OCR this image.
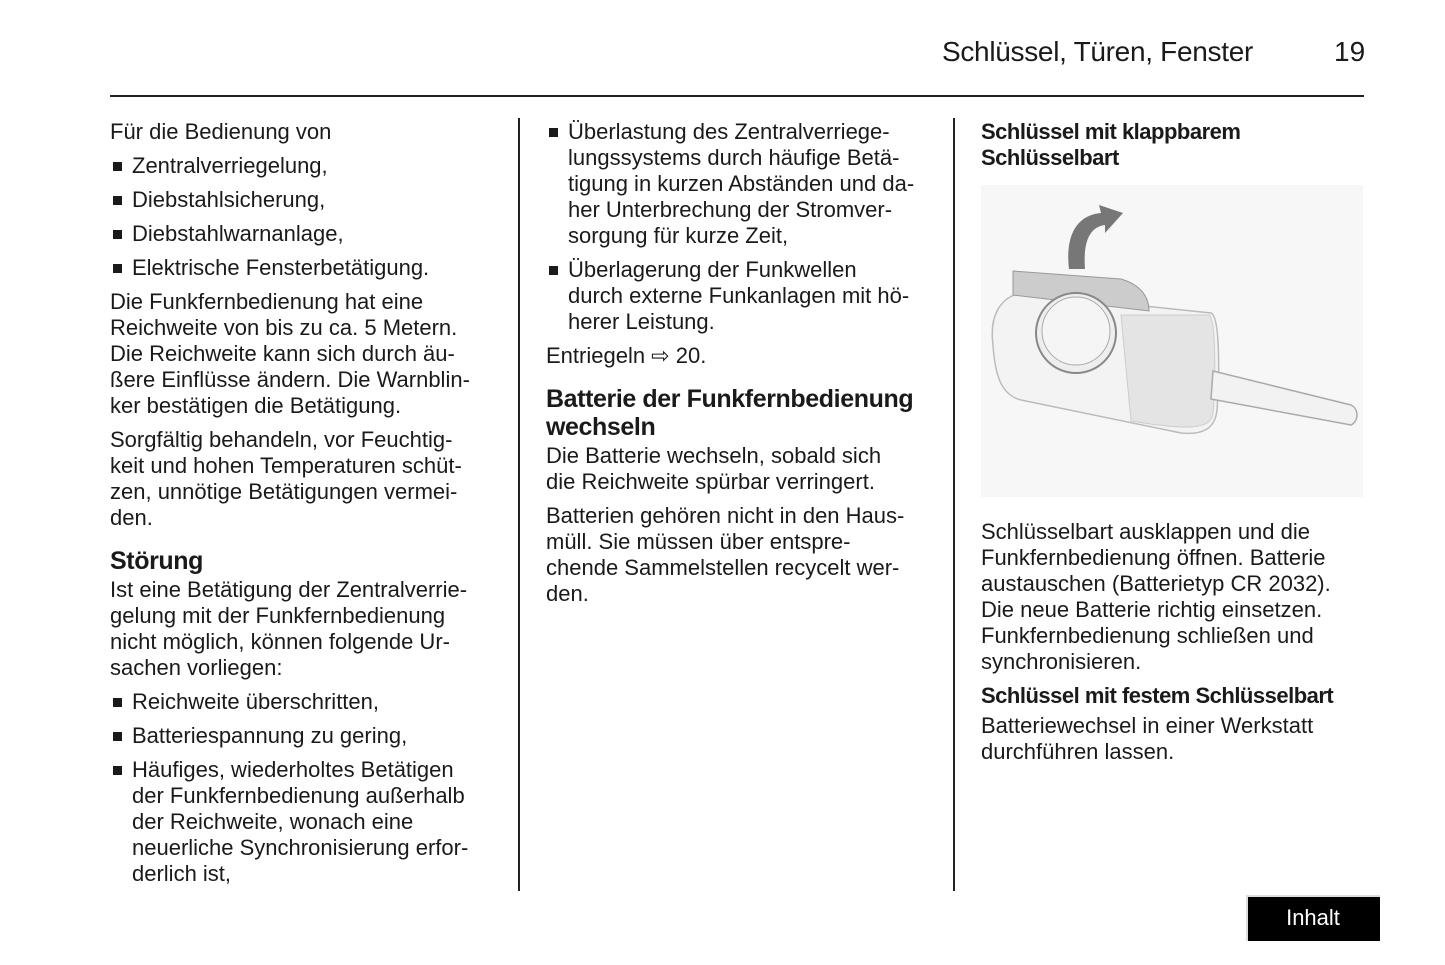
Schlüssel, Türen, Fenster	19

Für die Bedienung von

Zentralverriegelung,
Diebstahlsicherung,
Diebstahlwarnanlage,
Elektrische Fensterbetätigung.

Die Funkfernbedienung hat eine
Reichweite von bis zu ca. 5 Metern.
Die Reichweite kann sich durch äu-
ßere Einflüsse ändern. Die Warnblin-
ker bestätigen die Betätigung.

Sorgfältig behandeln, vor Feuchtig-
keit und hohen Temperaturen schüt-
zen, unnötige Betätigungen vermei-
den.

Störung

Ist eine Betätigung der Zentralverrie-
gelung mit der Funkfernbedienung
nicht möglich, können folgende Ur-
sachen vorliegen:

Reichweite überschritten,
Batteriespannung zu gering,
Häufiges, wiederholtes Betätigen
der Funkfernbedienung außerhalb
der Reichweite, wonach eine
neuerliche Synchronisierung erfor-
derlich ist,
Überlastung des Zentralverriege-
lungssystems durch häufige Betä-
tigung in kurzen Abständen und da-
her Unterbrechung der Stromver-
sorgung für kurze Zeit,
Überlagerung der Funkwellen
durch externe Funkanlagen mit hö-
herer Leistung.

Entriegeln ⇨ 20.

Batterie der Funkfernbedienung
wechseln

Die Batterie wechseln, sobald sich
die Reichweite spürbar verringert.

Batterien gehören nicht in den Haus-
müll. Sie müssen über entspre-
chende Sammelstellen recycelt wer-
den.

Schlüssel mit klappbarem
Schlüsselbart

Schlüsselbart ausklappen und die
Funkfernbedienung öffnen. Batterie
austauschen (Batterietyp CR 2032).
Die neue Batterie richtig einsetzen.
Funkfernbedienung schließen und
synchronisieren.

Schlüssel mit festem Schlüsselbart

Batteriewechsel in einer Werkstatt
durchführen lassen.

Inhalt
